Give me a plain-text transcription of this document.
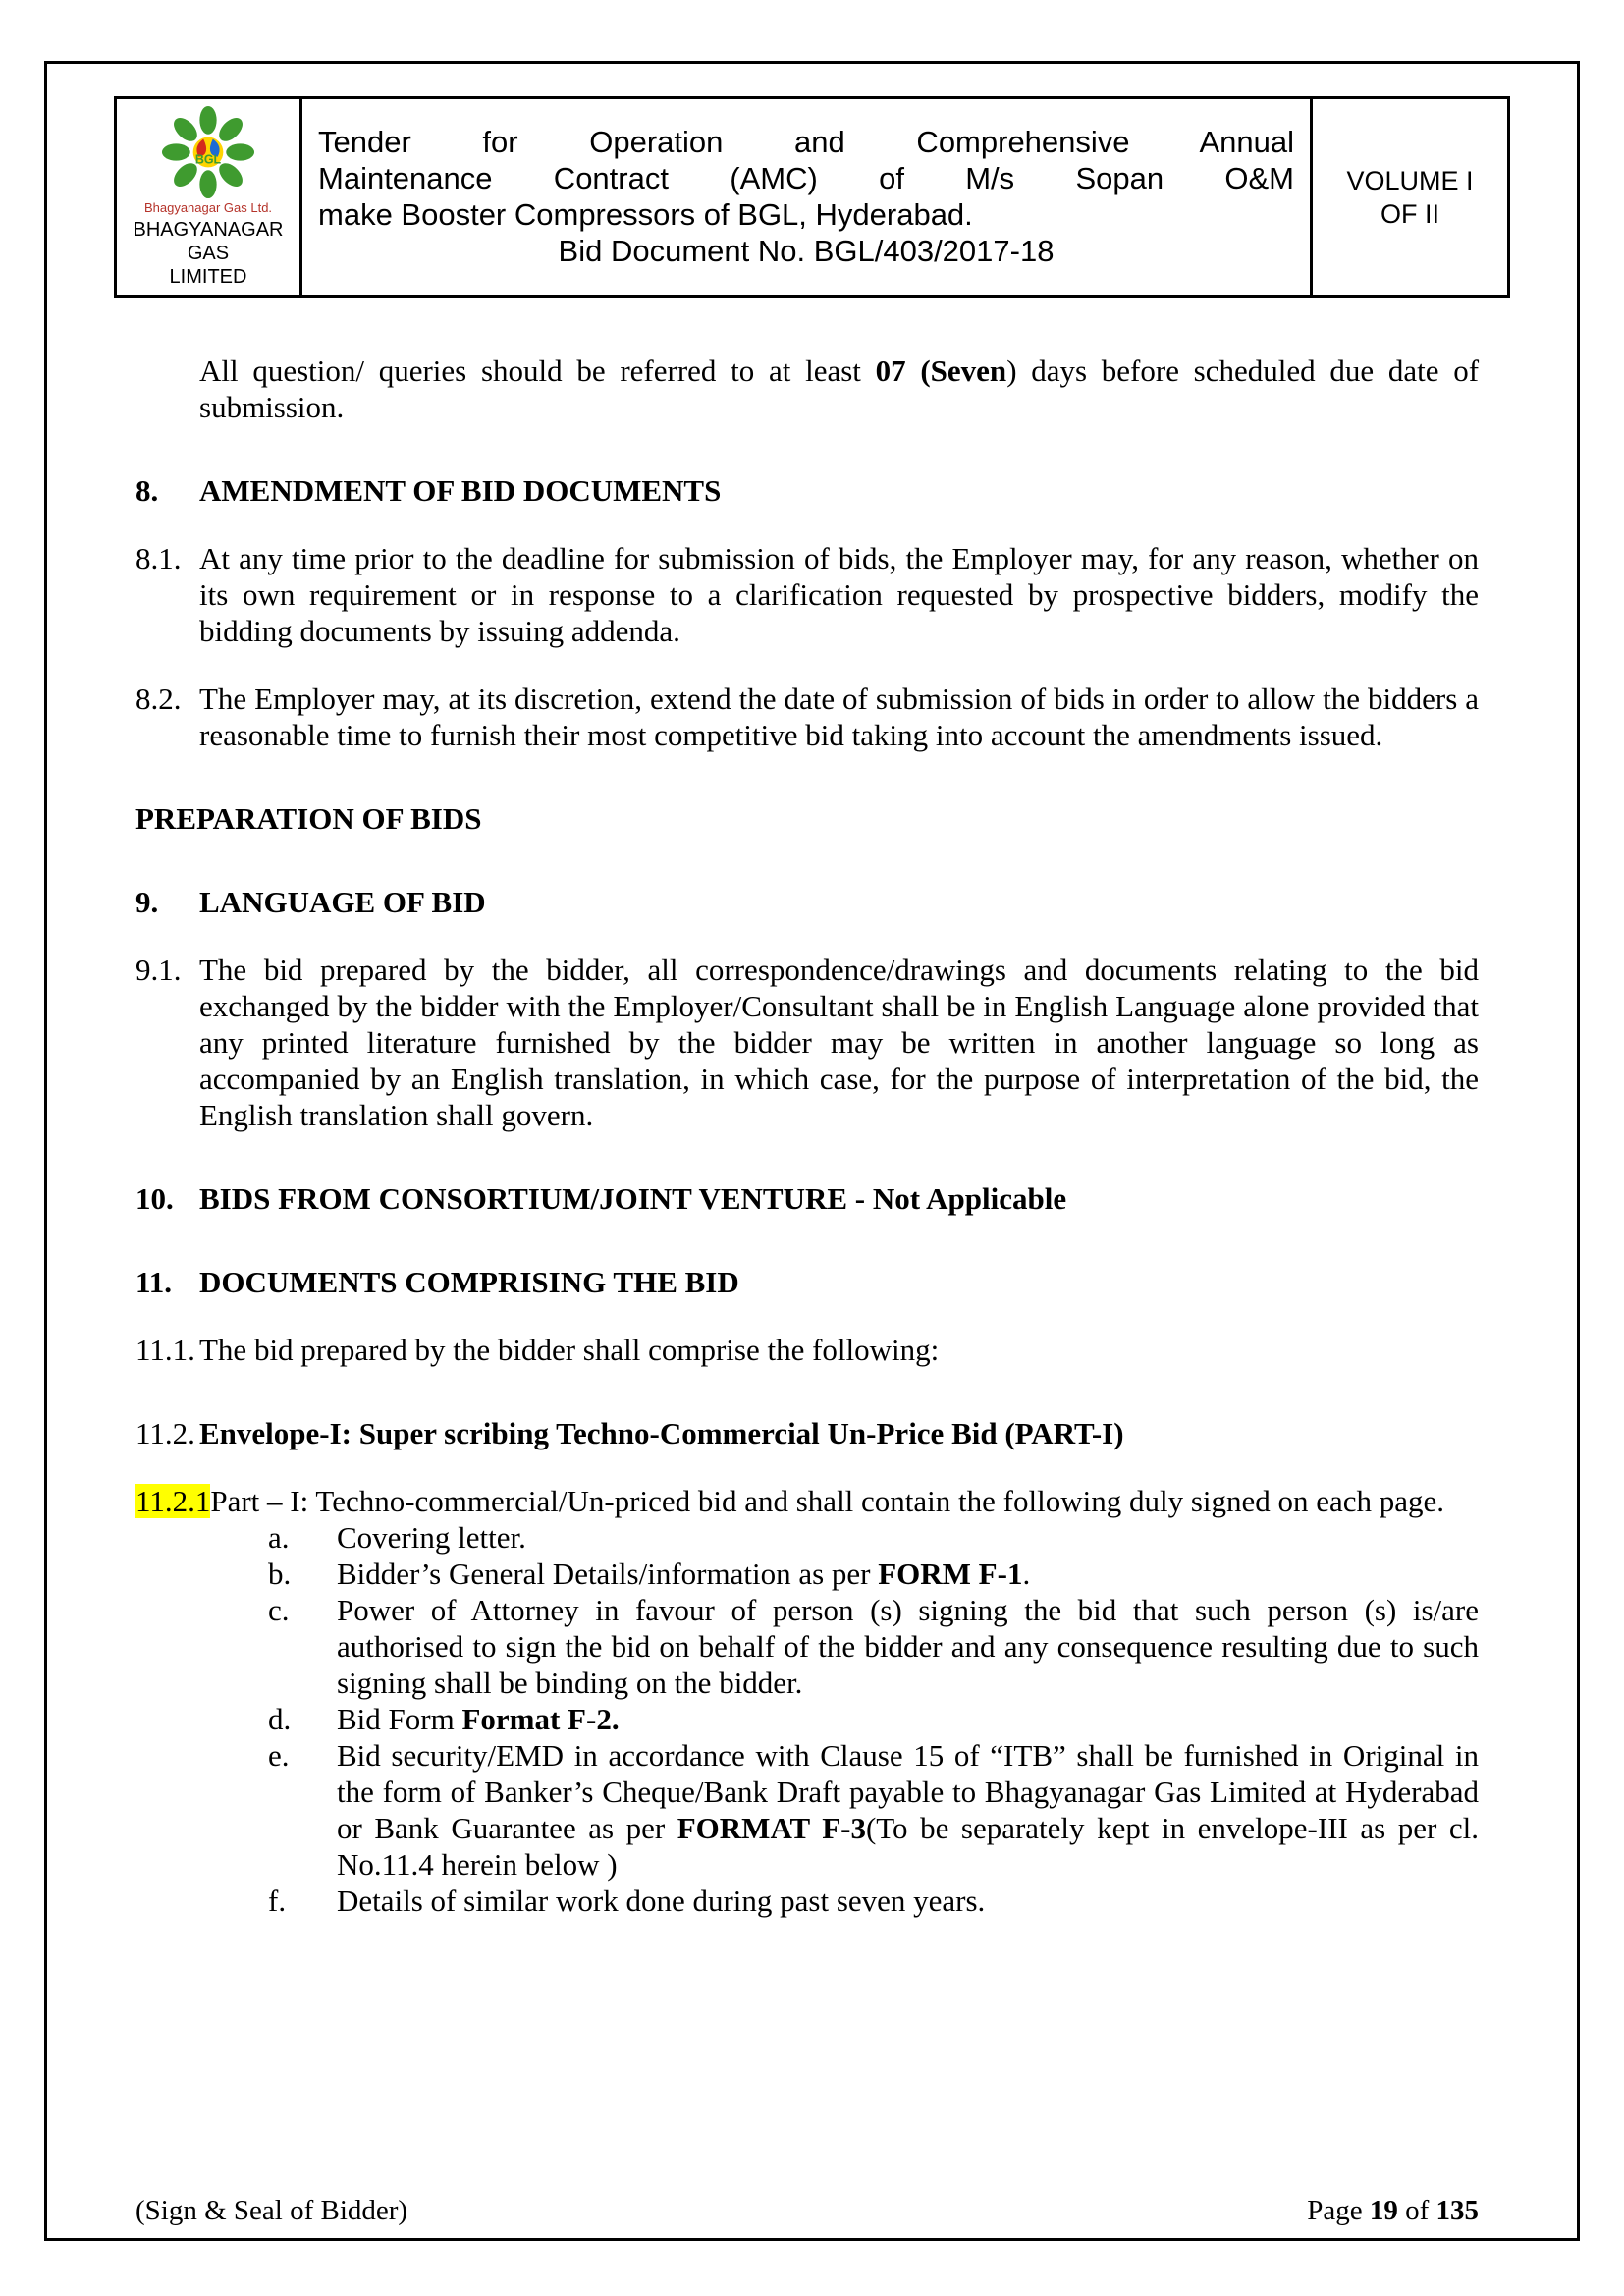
BGL
Bhagyanagar Gas Ltd.
BHAGYANAGAR GAS
LIMITED

Tender for Operation and Comprehensive Annual
Maintenance Contract (AMC) of M/s Sopan O&M
make Booster Compressors of BGL, Hyderabad.
Bid Document No. BGL/403/2017-18

VOLUME I
OF II
All question/ queries should be referred to at least 07 (Seven) days before scheduled due date of submission.
8.	AMENDMENT OF BID DOCUMENTS
8.1. At any time prior to the deadline for submission of bids, the Employer may, for any reason, whether on its own requirement or in response to a clarification requested by prospective bidders, modify the bidding documents by issuing addenda.
8.2. The Employer may, at its discretion, extend the date of submission of bids in order to allow the bidders a reasonable time to furnish their most competitive bid taking into account the amendments issued.
PREPARATION OF BIDS
9.	LANGUAGE OF BID
9.1. The bid prepared by the bidder, all correspondence/drawings and documents relating to the bid exchanged by the bidder with the Employer/Consultant shall be in English Language alone provided that any printed literature furnished by the bidder may be written in another language so long as accompanied by an English translation, in which case, for the purpose of interpretation of the bid, the English translation shall govern.
10. BIDS FROM CONSORTIUM/JOINT VENTURE - Not Applicable
11. DOCUMENTS COMPRISING THE BID
11.1. The bid prepared by the bidder shall comprise the following:
11.2. Envelope-I: Super scribing Techno-Commercial Un-Price Bid (PART-I)
11.2.1 Part – I: Techno-commercial/Un-priced bid and shall contain the following duly signed on each page.
a.	Covering letter.
b.	Bidder’s General Details/information as per FORM F-1.
c.	Power of Attorney in favour of person (s) signing the bid that such person (s) is/are authorised to sign the bid on behalf of the bidder and any consequence resulting due to such signing shall be binding on the bidder.
d.	Bid Form Format F-2.
e.	Bid security/EMD in accordance with Clause 15 of “ITB” shall be furnished in Original in the form of Banker’s Cheque/Bank Draft payable to Bhagyanagar Gas Limited at Hyderabad or Bank Guarantee as per FORMAT F-3(To be separately kept in envelope-III as per cl. No.11.4 herein below )
f.	Details of similar work done during past seven years.
(Sign & Seal of Bidder)	Page 19 of 135
